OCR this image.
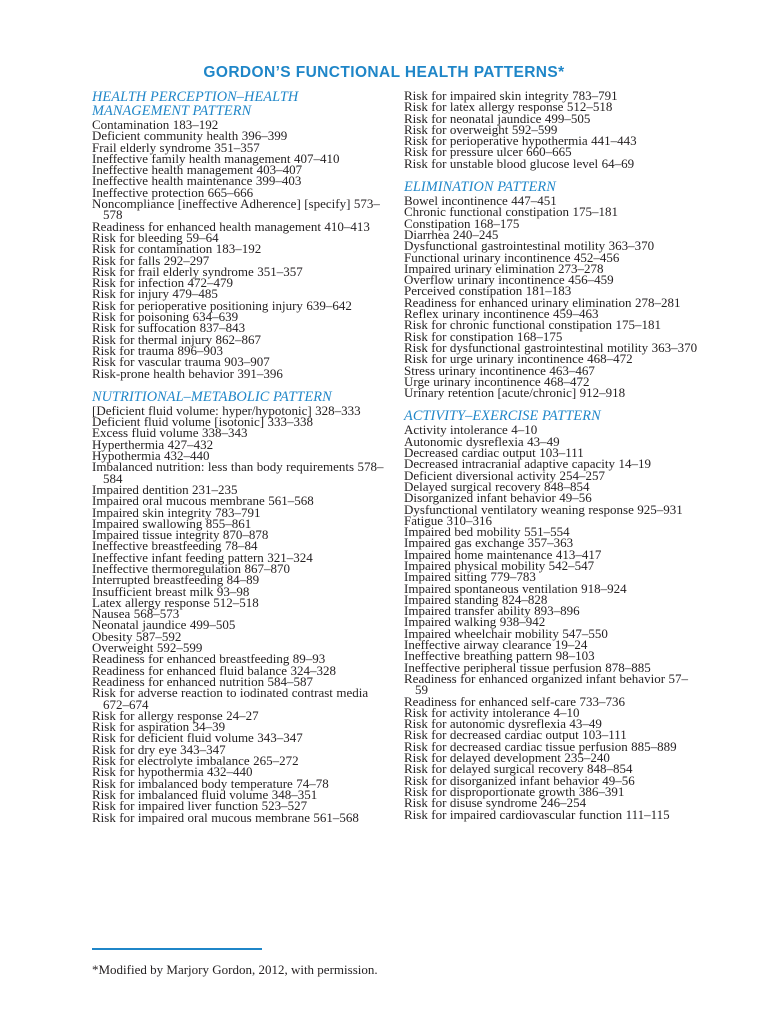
GORDON’S FUNCTIONAL HEALTH PATTERNS*
HEALTH PERCEPTION–HEALTH MANAGEMENT PATTERN
Contamination 183–192
Deficient community health 396–399
Frail elderly syndrome 351–357
Ineffective family health management 407–410
Ineffective health management 403–407
Ineffective health maintenance 399–403
Ineffective protection 665–666
Noncompliance [ineffective Adherence] [specify] 573–578
Readiness for enhanced health management 410–413
Risk for bleeding 59–64
Risk for contamination 183–192
Risk for falls 292–297
Risk for frail elderly syndrome 351–357
Risk for infection 472–479
Risk for injury 479–485
Risk for perioperative positioning injury 639–642
Risk for poisoning 634–639
Risk for suffocation 837–843
Risk for thermal injury 862–867
Risk for trauma 896–903
Risk for vascular trauma 903–907
Risk-prone health behavior 391–396
NUTRITIONAL–METABOLIC PATTERN
[Deficient fluid volume: hyper/hypotonic] 328–333
Deficient fluid volume [isotonic] 333–338
Excess fluid volume 338–343
Hyperthermia 427–432
Hypothermia 432–440
Imbalanced nutrition: less than body requirements 578–584
Impaired dentition 231–235
Impaired oral mucous membrane 561–568
Impaired skin integrity 783–791
Impaired swallowing 855–861
Impaired tissue integrity 870–878
Ineffective breastfeeding 78–84
Ineffective infant feeding pattern 321–324
Ineffective thermoregulation 867–870
Interrupted breastfeeding 84–89
Insufficient breast milk 93–98
Latex allergy response 512–518
Nausea 568–573
Neonatal jaundice 499–505
Obesity 587–592
Overweight 592–599
Readiness for enhanced breastfeeding 89–93
Readiness for enhanced fluid balance 324–328
Readiness for enhanced nutrition 584–587
Risk for adverse reaction to iodinated contrast media 672–674
Risk for allergy response 24–27
Risk for aspiration 34–39
Risk for deficient fluid volume 343–347
Risk for dry eye 343–347
Risk for electrolyte imbalance 265–272
Risk for hypothermia 432–440
Risk for imbalanced body temperature 74–78
Risk for imbalanced fluid volume 348–351
Risk for impaired liver function 523–527
Risk for impaired oral mucous membrane 561–568
Risk for impaired skin integrity 783–791
Risk for latex allergy response 512–518
Risk for neonatal jaundice 499–505
Risk for overweight 592–599
Risk for perioperative hypothermia 441–443
Risk for pressure ulcer 660–665
Risk for unstable blood glucose level 64–69
ELIMINATION PATTERN
Bowel incontinence 447–451
Chronic functional constipation 175–181
Constipation 168–175
Diarrhea 240–245
Dysfunctional gastrointestinal motility 363–370
Functional urinary incontinence 452–456
Impaired urinary elimination 273–278
Overflow urinary incontinence 456–459
Perceived constipation 181–183
Readiness for enhanced urinary elimination 278–281
Reflex urinary incontinence 459–463
Risk for chronic functional constipation 175–181
Risk for constipation 168–175
Risk for dysfunctional gastrointestinal motility 363–370
Risk for urge urinary incontinence 468–472
Stress urinary incontinence 463–467
Urge urinary incontinence 468–472
Urinary retention [acute/chronic] 912–918
ACTIVITY–EXERCISE PATTERN
Activity intolerance 4–10
Autonomic dysreflexia 43–49
Decreased cardiac output 103–111
Decreased intracranial adaptive capacity 14–19
Deficient diversional activity 254–257
Delayed surgical recovery 848–854
Disorganized infant behavior 49–56
Dysfunctional ventilatory weaning response 925–931
Fatigue 310–316
Impaired bed mobility 551–554
Impaired gas exchange 357–363
Impaired home maintenance 413–417
Impaired physical mobility 542–547
Impaired sitting 779–783
Impaired spontaneous ventilation 918–924
Impaired standing 824–828
Impaired transfer ability 893–896
Impaired walking 938–942
Impaired wheelchair mobility 547–550
Ineffective airway clearance 19–24
Ineffective breathing pattern 98–103
Ineffective peripheral tissue perfusion 878–885
Readiness for enhanced organized infant behavior 57–59
Readiness for enhanced self-care 733–736
Risk for activity intolerance 4–10
Risk for autonomic dysreflexia 43–49
Risk for decreased cardiac output 103–111
Risk for decreased cardiac tissue perfusion 885–889
Risk for delayed development 235–240
Risk for delayed surgical recovery 848–854
Risk for disorganized infant behavior 49–56
Risk for disproportionate growth 386–391
Risk for disuse syndrome 246–254
Risk for impaired cardiovascular function 111–115
*Modified by Marjory Gordon, 2012, with permission.
